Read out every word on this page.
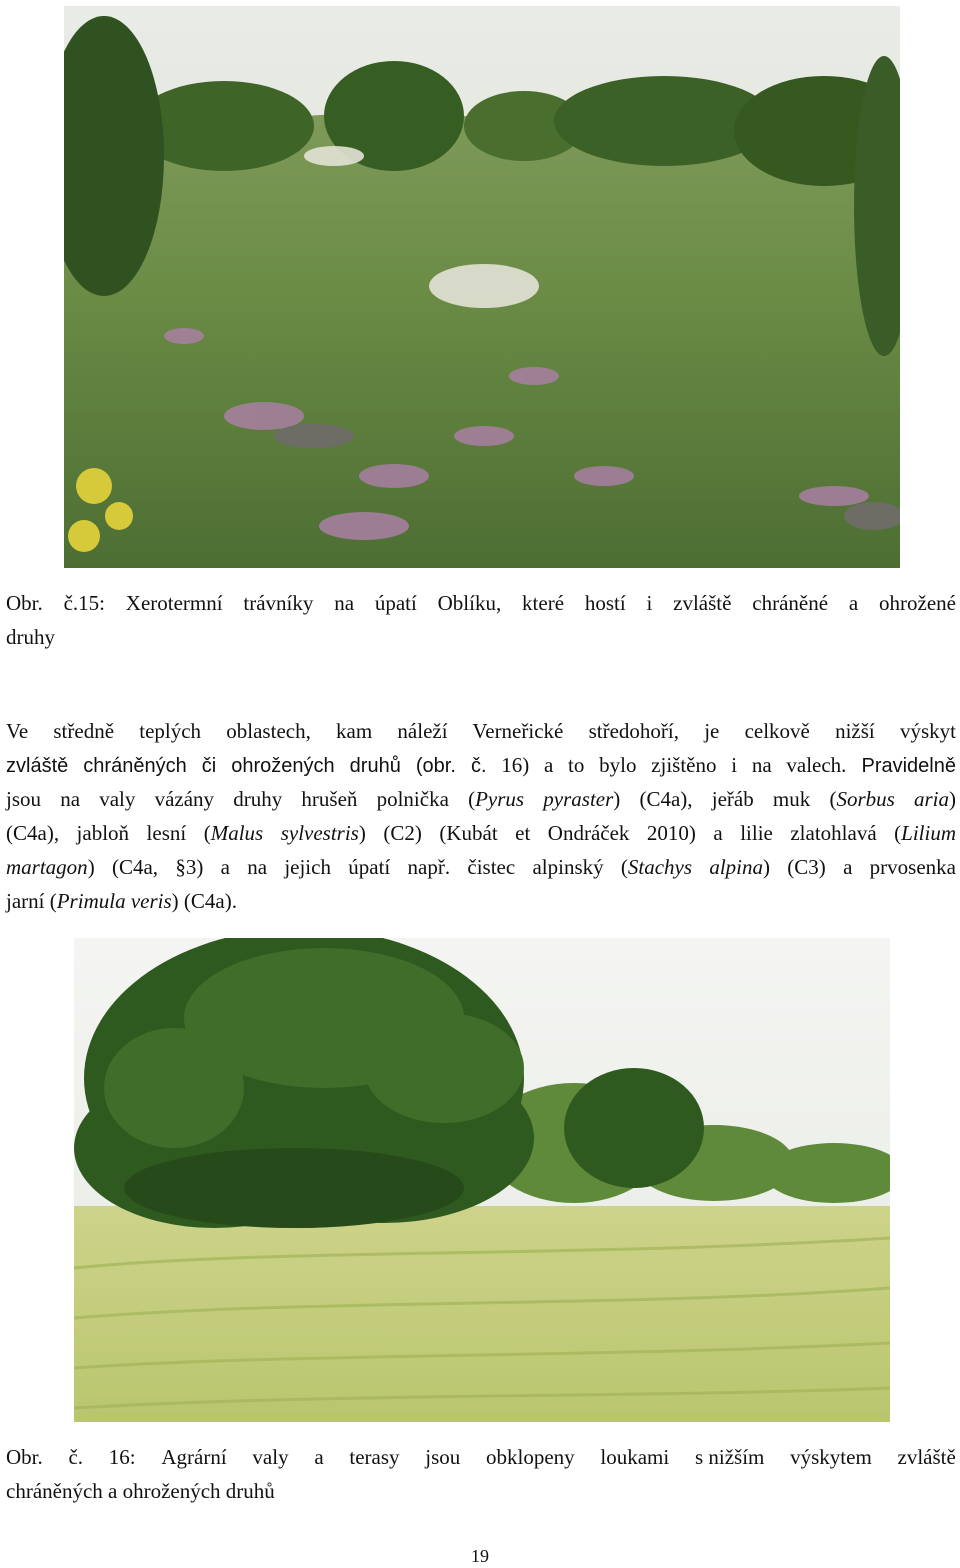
Obr. č.15: Xerotermní trávníky na úpatí Oblíku, které hostí i zvláště chráněné a ohrožené
druhy
Ve středně teplých oblastech, kam náleží Verneřické středohoří, je celkově nižší výskyt
zvláště chráněných či ohrožených druhů (obr. č. 16) a to bylo zjištěno i na valech. Pravidelně
jsou na valy vázány druhy hrušeň polnička (Pyrus pyraster) (C4a), jeřáb muk (Sorbus aria)
(C4a), jabloň lesní (Malus sylvestris) (C2) (Kubát et Ondráček 2010) a lilie zlatohlavá (Lilium
martagon) (C4a, §3) a na jejich úpatí např. čistec alpinský (Stachys alpina) (C3) a prvosenka
jarní (Primula veris) (C4a).
Obr. č. 16: Agrární valy a terasy jsou obklopeny loukami s nižším výskytem zvláště
chráněných a ohrožených druhů
19
